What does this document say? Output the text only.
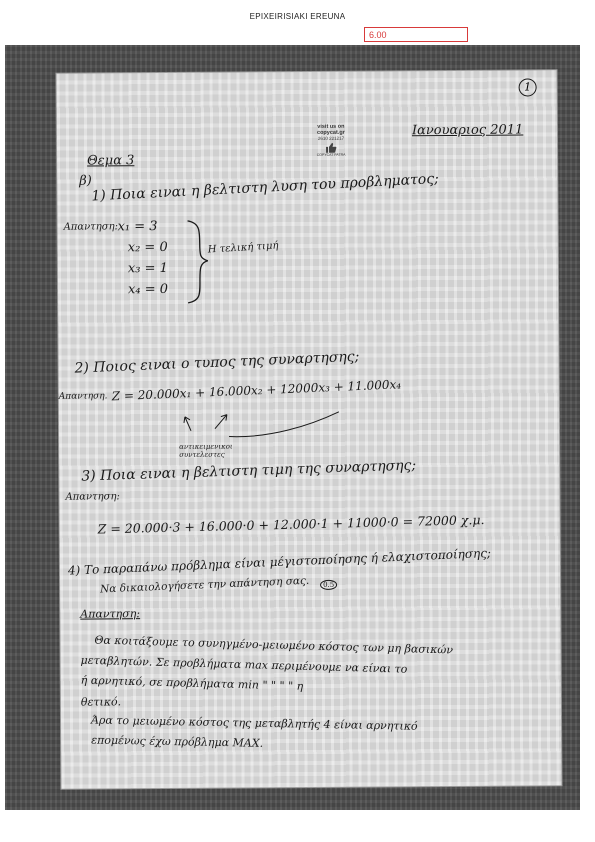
EPIXEIRISIAKI EREUNA
6.00
visit us on
copycat.gr
2610 221217
COPYCAT PATRA
1

Ιανουαριος 2011

Θεμα 3

β) 1) Ποια ειναι η βελτιστη λυση του προβληματος;

Απαντηση: x₁ = 3

x₂ = 0

x₃ = 1

x₄ = 0

Η τελική τιμή

2) Ποιος ειναι ο τυπος της συναρτησης;

Απαντηση. Z = 20.000x₁ + 16.000x₂ + 12000x₃ + 11.000x₄

αντικειμενικοι

συντελεστες

3) Ποια ειναι η βελτιστη τιμη της συναρτησης;

Απαντηση:

Z = 20.000·3 + 16.000·0 + 12.000·1 + 11000·0 = 72000 χ.μ.

4) Το παραπάνω πρόβλημα είναι μέγιστοποίησης ή ελαχιστοποίησης;

Να δικαιολογήσετε την απάντηση σας.	0.5

Απαντηση:

Θα κοιτάξουμε το συνηγμένο-μειωμένο κόστος των μη βασικών

μεταβλητών. Σε προβλήματα max περιμένουμε να είναι το

ή αρνητικό, σε προβλήματα min " " " " η

θετικό.

Άρα το μειωμένο κόστος της μεταβλητής 4 είναι αρνητικό

επομένως έχω πρόβλημα MAX.
